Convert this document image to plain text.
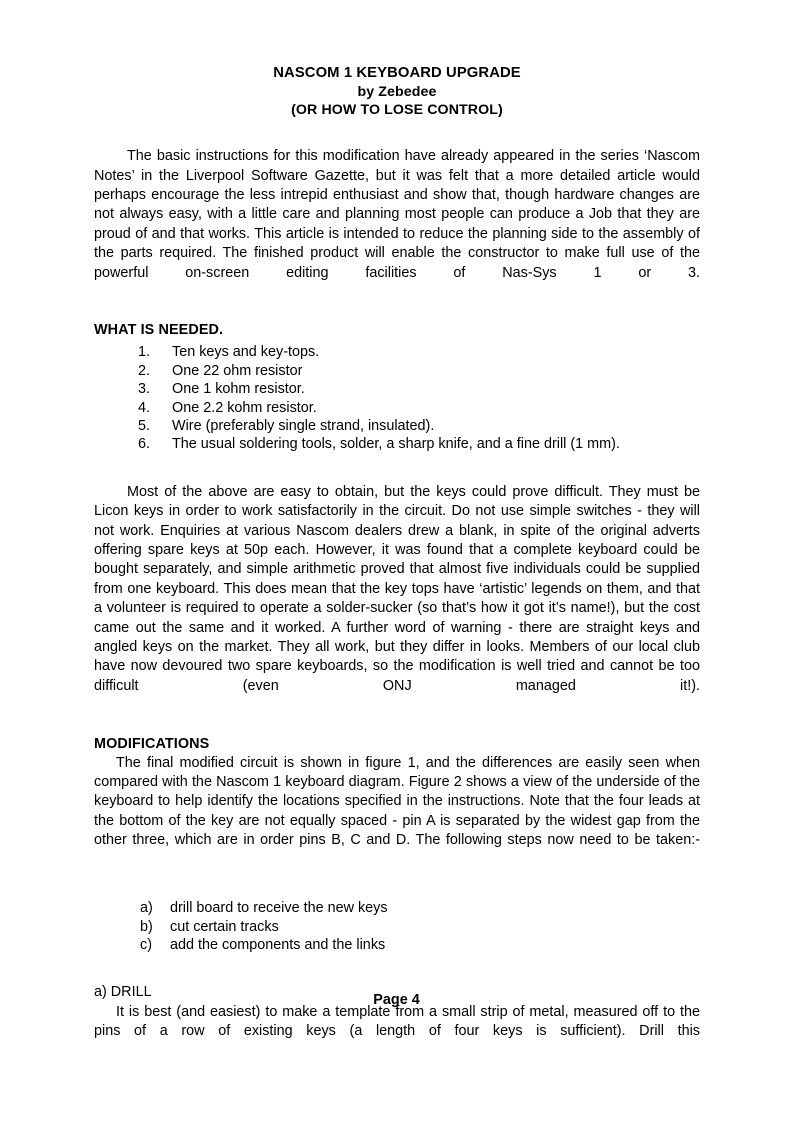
NASCOM 1 KEYBOARD UPGRADE
by Zebedee
(OR HOW TO LOSE CONTROL)

The basic instructions for this modification have already appeared in the series ‘Nascom Notes’ in the Liverpool Software Gazette, but it was felt that a more detailed article would perhaps encourage the less intrepid enthusiast and show that, though hardware changes are not always easy, with a little care and planning most people can produce a Job that they are proud of and that works. This article is intended to reduce the planning side to the assembly of the parts required. The finished product will enable the constructor to make full use of the powerful on-screen editing facilities of Nas-Sys 1 or 3.

WHAT IS NEEDED.
1.	Ten keys and key-tops.
2.	One 22 ohm resistor
3.	One 1 kohm resistor.
4.	One 2.2 kohm resistor.
5.	Wire (preferably single strand, insulated).
6.	The usual soldering tools, solder, a sharp knife, and a fine drill (1 mm).

Most of the above are easy to obtain, but the keys could prove difficult. They must be Licon keys in order to work satisfactorily in the circuit. Do not use simple switches - they will not work. Enquiries at various Nascom dealers drew a blank, in spite of the original adverts offering spare keys at 50p each. However, it was found that a complete keyboard could be bought separately, and simple arithmetic proved that almost five individuals could be supplied from one keyboard. This does mean that the key tops have ‘artistic’ legends on them, and that a volunteer is required to operate a solder-sucker (so that’s how it got it’s name!), but the cost came out the same and it worked. A further word of warning - there are straight keys and angled keys on the market. They all work, but they differ in looks. Members of our local club have now devoured two spare keyboards, so the modification is well tried and cannot be too difficult (even ONJ managed it!).

MODIFICATIONS

The final modified circuit is shown in figure 1, and the differences are easily seen when compared with the Nascom 1 keyboard diagram. Figure 2 shows a view of the underside of the keyboard to help identify the locations specified in the instructions. Note that the four leads at the bottom of the key are not equally spaced - pin A is separated by the widest gap from the other three, which are in order pins B, C and D. The following steps now need to be taken:-

a)	drill board to receive the new keys
b)	cut certain tracks
c)	add the components and the links

a) DRILL

It is best (and easiest) to make a template from a small strip of metal, measured off to the pins of a row of existing keys (a length of four keys is sufficient). Drill this

Page 4
